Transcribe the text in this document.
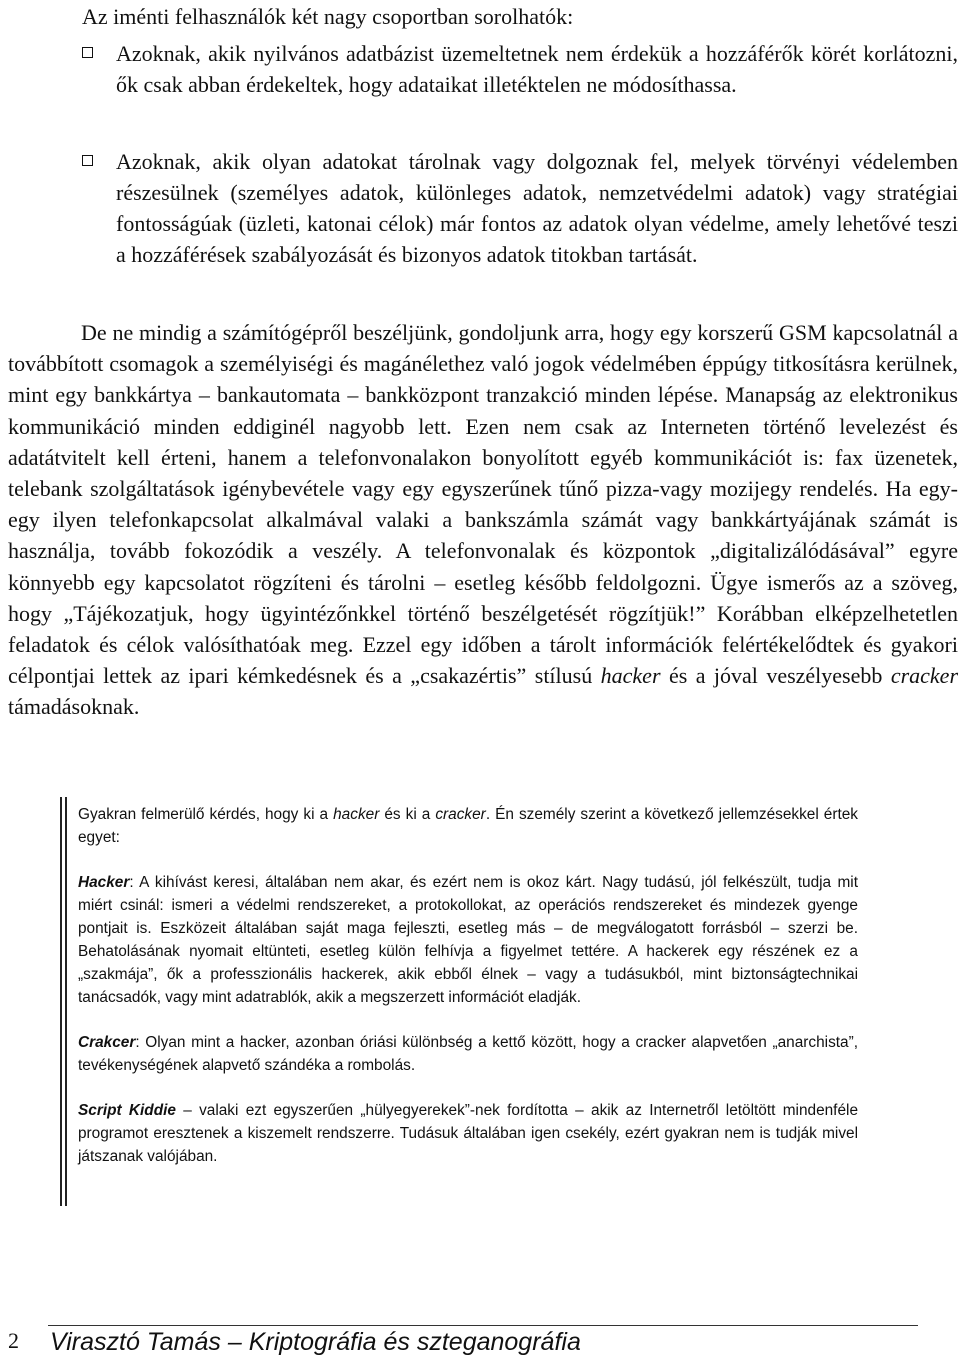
Az iménti felhasználók két nagy csoportban sorolhatók:

Azoknak, akik nyilvános adatbázist üzemeltetnek nem érdekük a hozzáférők körét korlátozni, ők csak abban érdekeltek, hogy adataikat illetéktelen ne módosíthassa.

Azoknak, akik olyan adatokat tárolnak vagy dolgoznak fel, melyek törvényi védelemben részesülnek (személyes adatok, különleges adatok, nemzetvédelmi adatok) vagy stratégiai fontosságúak (üzleti, katonai célok) már fontos az adatok olyan védelme, amely lehetővé teszi a hozzáférések szabályozását és bizonyos adatok titokban tartását.

De ne mindig a számítógépről beszéljünk, gondoljunk arra, hogy egy korszerű GSM kapcsolatnál a továbbított csomagok a személyiségi és magánélethez való jogok védelmében éppúgy titkosításra kerülnek, mint egy bankkártya – bankautomata – bankközpont tranzakció minden lépése. Manapság az elektronikus kommunikáció minden eddiginél nagyobb lett. Ezen nem csak az Interneten történő levelezést és adatátvitelt kell érteni, hanem a telefonvonalakon bonyolított egyéb kommunikációt is: fax üzenetek, telebank szolgáltatások igénybevétele vagy egy egyszerűnek tűnő pizza-vagy mozijegy rendelés. Ha egy-egy ilyen telefonkapcsolat alkalmával valaki a bankszámla számát vagy bankkártyájának számát is használja, tovább fokozódik a veszély. A telefonvonalak és központok „digitalizálódásával” egyre könnyebb egy kapcsolatot rögzíteni és tárolni – esetleg később feldolgozni. Ügye ismerős az a szöveg, hogy „Tájékozatjuk, hogy ügyintézőnkkel történő beszélgetését rögzítjük!” Korábban elképzelhetetlen feladatok és célok valósíthatóak meg. Ezzel egy időben a tárolt információk felértékelődtek és gyakori célpontjai lettek az ipari kémkedésnek és a „csakazértis” stílusú hacker és a jóval veszélyesebb cracker támadásoknak.

Gyakran felmerülő kérdés, hogy ki a hacker és ki a cracker. Én személy szerint a következő jellemzésekkel értek egyet:

Hacker: A kihívást keresi, általában nem akar, és ezért nem is okoz kárt. Nagy tudású, jól felkészült, tudja mit miért csinál: ismeri a védelmi rendszereket, a protokollokat, az operációs rendszereket és mindezek gyenge pontjait is. Eszközeit általában saját maga fejleszti, esetleg más – de megválogatott forrásból – szerzi be. Behatolásának nyomait eltünteti, esetleg külön felhívja a figyelmet tettére. A hackerek egy részének ez a „szakmája”, ők a professzionális hackerek, akik ebből élnek – vagy a tudásukból, mint biztonságtechnikai tanácsadók, vagy mint adatrablók, akik a megszerzett információt eladják.

Crakcer: Olyan mint a hacker, azonban óriási különbség a kettő között, hogy a cracker alapvetően „anarchista”, tevékenységének alapvető szándéka a rombolás.

Script Kiddie – valaki ezt egyszerűen „hülyegyerekek”-nek fordította – akik az Internetről letöltött mindenféle programot eresztenek a kiszemelt rendszerre. Tudásuk általában igen csekély, ezért gyakran nem is tudják mivel játszanak valójában.

2 Virasztó Tamás – Kriptográfia és szteganográfia
